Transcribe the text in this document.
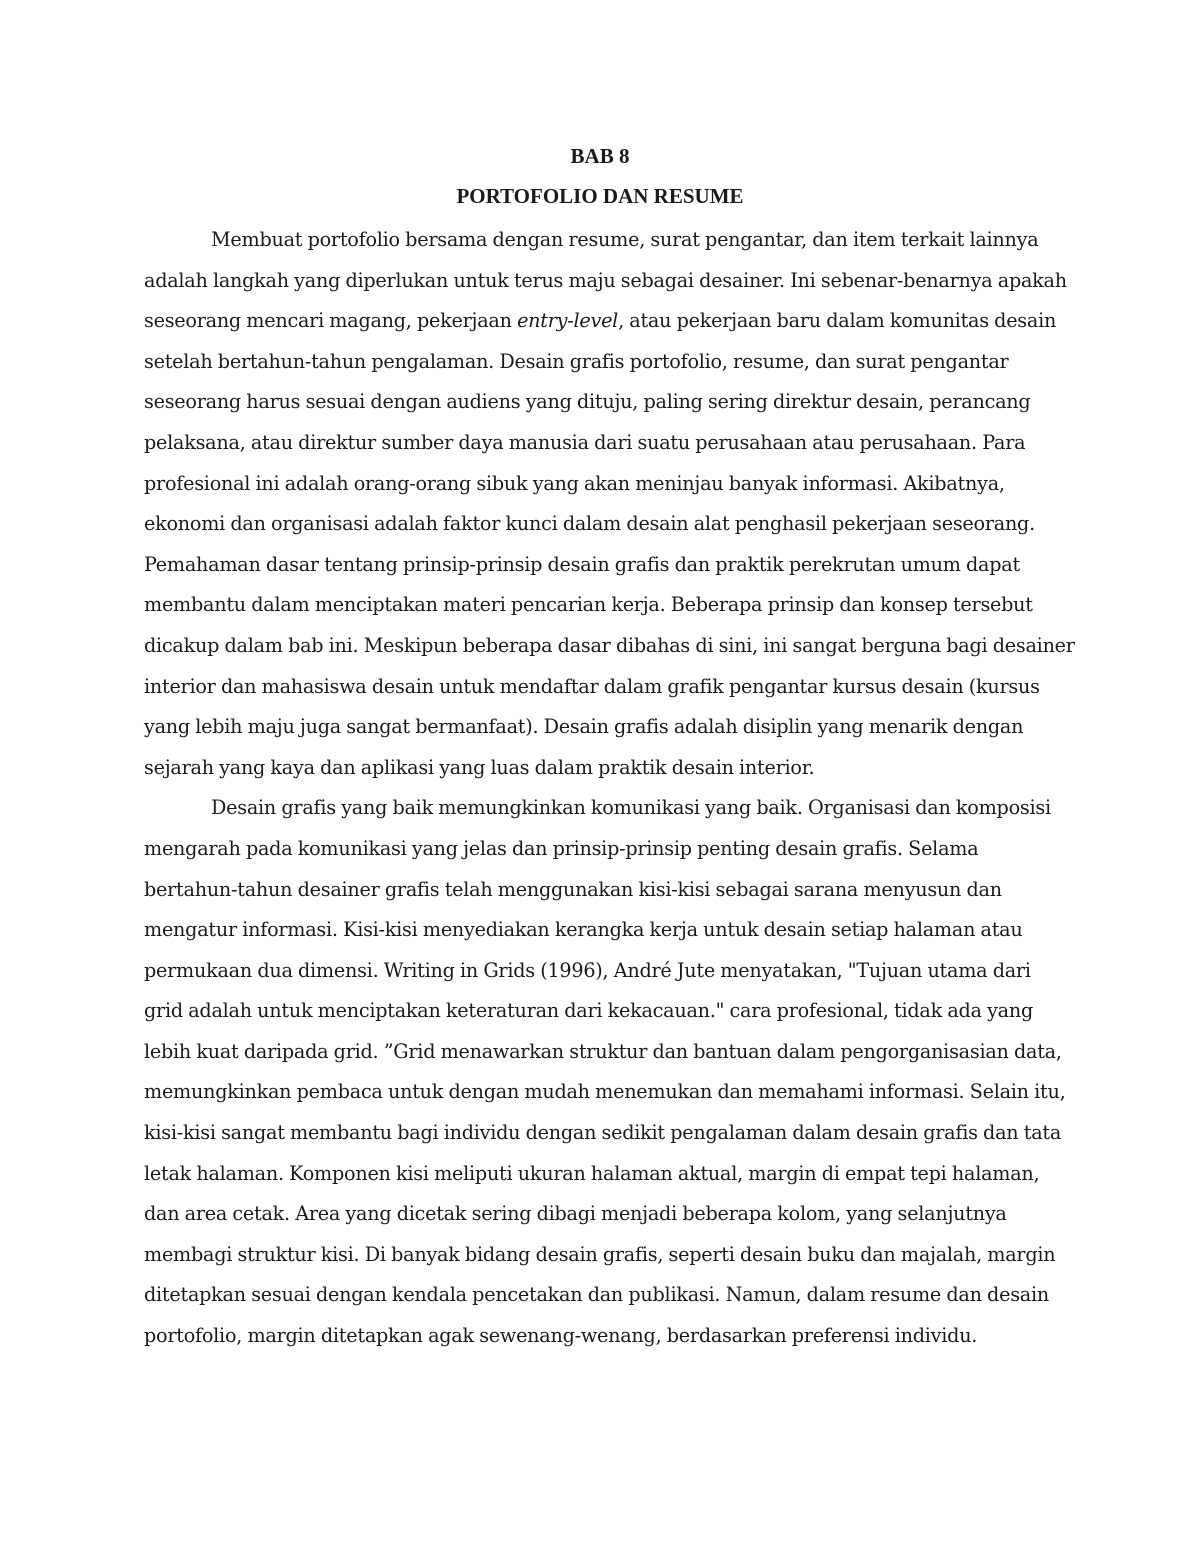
BAB 8
PORTOFOLIO DAN RESUME
Membuat portofolio bersama dengan resume, surat pengantar, dan item terkait lainnya
adalah langkah yang diperlukan untuk terus maju sebagai desainer. Ini sebenar-benarnya apakah
seseorang mencari magang, pekerjaan entry-level, atau pekerjaan baru dalam komunitas desain
setelah bertahun-tahun pengalaman. Desain grafis portofolio, resume, dan surat pengantar
seseorang harus sesuai dengan audiens yang dituju, paling sering direktur desain, perancang
pelaksana, atau direktur sumber daya manusia dari suatu perusahaan atau perusahaan. Para
profesional ini adalah orang-orang sibuk yang akan meninjau banyak informasi. Akibatnya,
ekonomi dan organisasi adalah faktor kunci dalam desain alat penghasil pekerjaan seseorang.
Pemahaman dasar tentang prinsip-prinsip desain grafis dan praktik perekrutan umum dapat
membantu dalam menciptakan materi pencarian kerja. Beberapa prinsip dan konsep tersebut
dicakup dalam bab ini. Meskipun beberapa dasar dibahas di sini, ini sangat berguna bagi desainer
interior dan mahasiswa desain untuk mendaftar dalam grafik pengantar kursus desain (kursus
yang lebih maju juga sangat bermanfaat). Desain grafis adalah disiplin yang menarik dengan
sejarah yang kaya dan aplikasi yang luas dalam praktik desain interior.
Desain grafis yang baik memungkinkan komunikasi yang baik. Organisasi dan komposisi
mengarah pada komunikasi yang jelas dan prinsip-prinsip penting desain grafis. Selama
bertahun-tahun desainer grafis telah menggunakan kisi-kisi sebagai sarana menyusun dan
mengatur informasi. Kisi-kisi menyediakan kerangka kerja untuk desain setiap halaman atau
permukaan dua dimensi. Writing in Grids (1996), André Jute menyatakan, "Tujuan utama dari
grid adalah untuk menciptakan keteraturan dari kekacauan." cara profesional, tidak ada yang
lebih kuat daripada grid. ”Grid menawarkan struktur dan bantuan dalam pengorganisasian data,
memungkinkan pembaca untuk dengan mudah menemukan dan memahami informasi. Selain itu,
kisi-kisi sangat membantu bagi individu dengan sedikit pengalaman dalam desain grafis dan tata
letak halaman. Komponen kisi meliputi ukuran halaman aktual, margin di empat tepi halaman,
dan area cetak. Area yang dicetak sering dibagi menjadi beberapa kolom, yang selanjutnya
membagi struktur kisi. Di banyak bidang desain grafis, seperti desain buku dan majalah, margin
ditetapkan sesuai dengan kendala pencetakan dan publikasi. Namun, dalam resume dan desain
portofolio, margin ditetapkan agak sewenang-wenang, berdasarkan preferensi individu.
